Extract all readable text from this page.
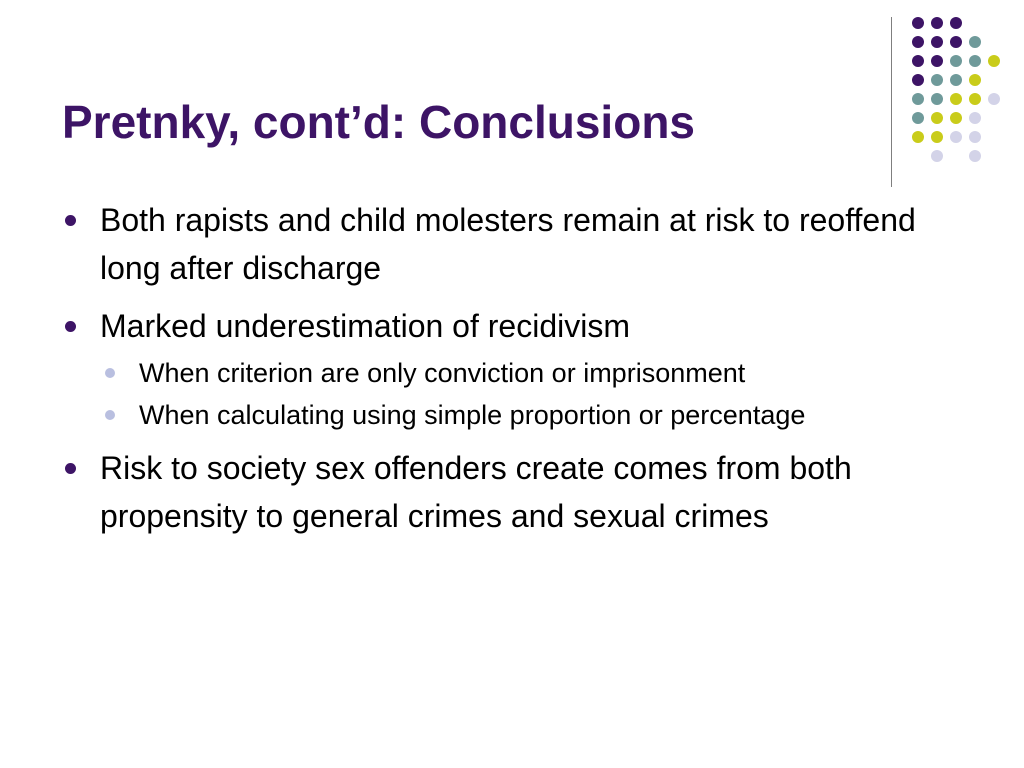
Pretnky, cont’d: Conclusions
Both rapists and child molesters remain at risk to reoffend long after discharge
Marked underestimation of recidivism
When criterion are only conviction or imprisonment
When calculating using simple proportion or percentage
Risk to society sex offenders create comes from both propensity to general crimes and sexual crimes
